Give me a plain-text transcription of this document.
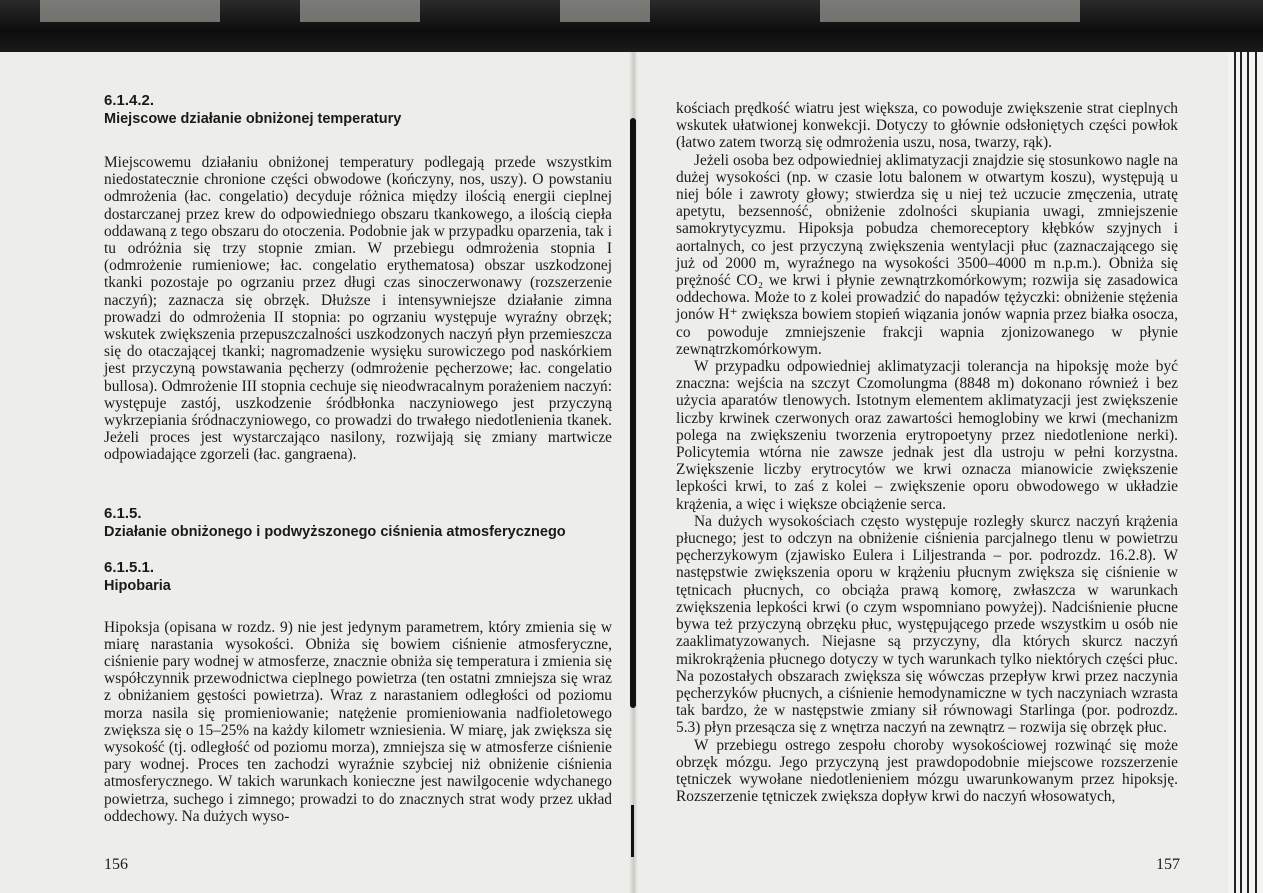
6.1.4.2.

Miejscowe działanie obniżonej temperatury

Miejscowemu działaniu obniżonej temperatury podlegają przede wszystkim niedostatecznie chronione części obwodowe (kończyny, nos, uszy). O powstaniu odmrożenia (łac. congelatio) decyduje różnica między ilością energii cieplnej dostarczanej przez krew do odpowiedniego obszaru tkankowego, a ilością ciepła oddawaną z tego obszaru do otoczenia. Podobnie jak w przypadku oparzenia, tak i tu odróżnia się trzy stopnie zmian. W przebiegu odmrożenia stopnia I (odmrożenie rumieniowe; łac. congelatio erythematosa) obszar uszkodzonej tkanki pozostaje po ogrzaniu przez długi czas sinoczerwonawy (rozszerzenie naczyń); zaznacza się obrzęk. Dłuższe i intensywniejsze działanie zimna prowadzi do odmrożenia II stopnia: po ogrzaniu występuje wyraźny obrzęk; wskutek zwiększenia przepuszczalności uszkodzonych naczyń płyn przemieszcza się do otaczającej tkanki; nagromadzenie wysięku surowiczego pod naskórkiem jest przyczyną powstawania pęcherzy (odmrożenie pęcherzowe; łac. congelatio bullosa). Odmrożenie III stopnia cechuje się nieodwracalnym porażeniem naczyń: występuje zastój, uszkodzenie śródbłonka naczyniowego jest przyczyną wykrzepiania śródnaczyniowego, co prowadzi do trwałego niedotlenienia tkanek. Jeżeli proces jest wystarczająco nasilony, rozwijają się zmiany martwicze odpowiadające zgorzeli (łac. gangraena).

6.1.5.

Działanie obniżonego i podwyższonego ciśnienia atmosferycznego

6.1.5.1.

Hipobaria

Hipoksja (opisana w rozdz. 9) nie jest jedynym parametrem, który zmienia się w miarę narastania wysokości. Obniża się bowiem ciśnienie atmosferyczne, ciśnienie pary wodnej w atmosferze, znacznie obniża się temperatura i zmienia się współczynnik przewodnictwa cieplnego powietrza (ten ostatni zmniejsza się wraz z obniżaniem gęstości powietrza). Wraz z narastaniem odległości od poziomu morza nasila się promieniowanie; natężenie promieniowania nadfioletowego zwiększa się o 15–25% na każdy kilometr wzniesienia. W miarę, jak zwiększa się wysokość (tj. odległość od poziomu morza), zmniejsza się w atmosferze ciśnienie pary wodnej. Proces ten zachodzi wyraźnie szybciej niż obniżenie ciśnienia atmosferycznego. W takich warunkach konieczne jest nawilgocenie wdychanego powietrza, suchego i zimnego; prowadzi to do znacznych strat wody przez układ oddechowy. Na dużych wyso-

156

kościach prędkość wiatru jest większa, co powoduje zwiększenie strat cieplnych wskutek ułatwionej konwekcji. Dotyczy to głównie odsłoniętych części powłok (łatwo zatem tworzą się odmrożenia uszu, nosa, twarzy, rąk).

Jeżeli osoba bez odpowiedniej aklimatyzacji znajdzie się stosunkowo nagle na dużej wysokości (np. w czasie lotu balonem w otwartym koszu), występują u niej bóle i zawroty głowy; stwierdza się u niej też uczucie zmęczenia, utratę apetytu, bezsenność, obniżenie zdolności skupiania uwagi, zmniejszenie samokrytycyzmu. Hipoksja pobudza chemoreceptory kłębków szyjnych i aortalnych, co jest przyczyną zwiększenia wentylacji płuc (zaznaczającego się już od 2000 m, wyraźnego na wysokości 3500–4000 m n.p.m.). Obniża się prężność CO₂ we krwi i płynie zewnątrzkomórkowym; rozwija się zasadowica oddechowa. Może to z kolei prowadzić do napadów tężyczki: obniżenie stężenia jonów H⁺ zwiększa bowiem stopień wiązania jonów wapnia przez białka osocza, co powoduje zmniejszenie frakcji wapnia zjonizowanego w płynie zewnątrzkomórkowym.

W przypadku odpowiedniej aklimatyzacji tolerancja na hipoksję może być znaczna: wejścia na szczyt Czomolungma (8848 m) dokonano również i bez użycia aparatów tlenowych. Istotnym elementem aklimatyzacji jest zwiększenie liczby krwinek czerwonych oraz zawartości hemoglobiny we krwi (mechanizm polega na zwiększeniu tworzenia erytropoetyny przez niedotlenione nerki). Policytemia wtórna nie zawsze jednak jest dla ustroju w pełni korzystna. Zwiększenie liczby erytrocytów we krwi oznacza mianowicie zwiększenie lepkości krwi, to zaś z kolei – zwiększenie oporu obwodowego w układzie krążenia, a więc i większe obciążenie serca.

Na dużych wysokościach często występuje rozległy skurcz naczyń krążenia płucnego; jest to odczyn na obniżenie ciśnienia parcjalnego tlenu w powietrzu pęcherzykowym (zjawisko Eulera i Liljestranda – por. podrozdz. 16.2.8). W następstwie zwiększenia oporu w krążeniu płucnym zwiększa się ciśnienie w tętnicach płucnych, co obciąża prawą komorę, zwłaszcza w warunkach zwiększenia lepkości krwi (o czym wspomniano powyżej). Nadciśnienie płucne bywa też przyczyną obrzęku płuc, występującego przede wszystkim u osób nie zaaklimatyzowanych. Niejasne są przyczyny, dla których skurcz naczyń mikrokrążenia płucnego dotyczy w tych warunkach tylko niektórych części płuc. Na pozostałych obszarach zwiększa się wówczas przepływ krwi przez naczynia pęcherzyków płucnych, a ciśnienie hemodynamiczne w tych naczyniach wzrasta tak bardzo, że w następstwie zmiany sił równowagi Starlinga (por. podrozdz. 5.3) płyn przesącza się z wnętrza naczyń na zewnątrz – rozwija się obrzęk płuc.

W przebiegu ostrego zespołu choroby wysokościowej rozwinąć się może obrzęk mózgu. Jego przyczyną jest prawdopodobnie miejscowe rozszerzenie tętniczek wywołane niedotlenieniem mózgu uwarunkowanym przez hipoksję. Rozszerzenie tętniczek zwiększa dopływ krwi do naczyń włosowatych,

157
